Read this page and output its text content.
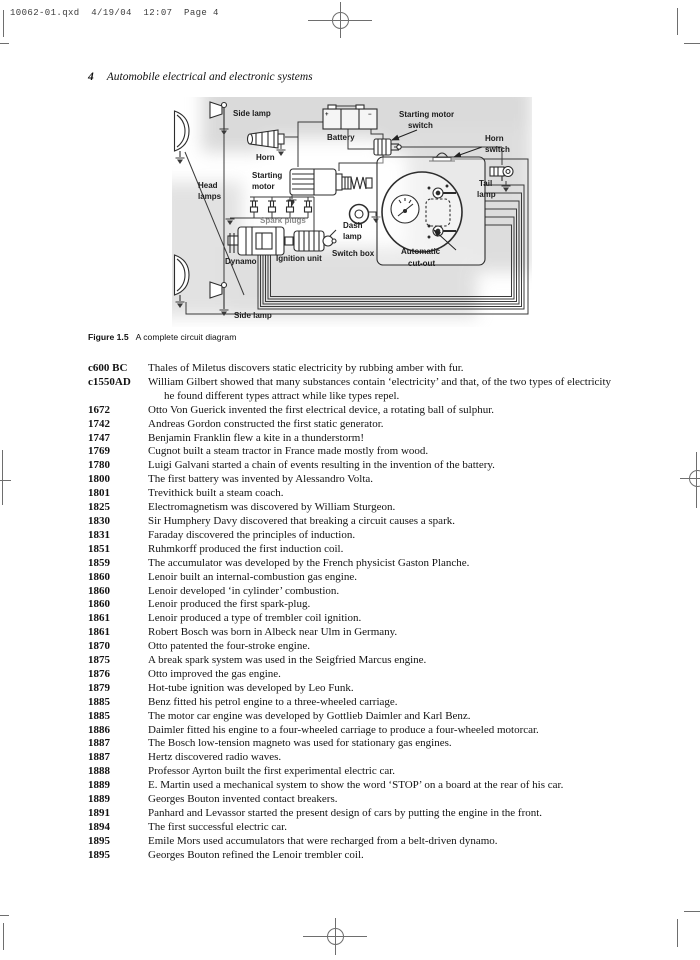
10062-01.qxd  4/19/04  12:07  Page 4
4 Automobile electrical and electronic systems
Side lamp
Battery
+	−	Starting motor
switch
Horn
switch
Horn
Starting
motor
Head
lamps
Spark plugs
Dynamo Ignition unit
Dash
lamp
Switch box	Automatic
cut-out
Tail
lamp
Side lamp
Figure 1.5 A complete circuit diagram
c600 BC	Thales of Miletus discovers static electricity by rubbing amber with fur.
c1550AD	William Gilbert showed that many substances contain ‘electricity’ and that, of the two types of electricity he found different types attract while like types repel.
1672	Otto Von Guerick invented the first electrical device, a rotating ball of sulphur.
1742	Andreas Gordon constructed the first static generator.
1747	Benjamin Franklin flew a kite in a thunderstorm!
1769	Cugnot built a steam tractor in France made mostly from wood.
1780	Luigi Galvani started a chain of events resulting in the invention of the battery.
1800	The first battery was invented by Alessandro Volta.
1801	Trevithick built a steam coach.
1825	Electromagnetism was discovered by William Sturgeon.
1830	Sir Humphery Davy discovered that breaking a circuit causes a spark.
1831	Faraday discovered the principles of induction.
1851	Ruhmkorff produced the first induction coil.
1859	The accumulator was developed by the French physicist Gaston Planche.
1860	Lenoir built an internal-combustion gas engine.
1860	Lenoir developed ‘in cylinder’ combustion.
1860	Lenoir produced the first spark-plug.
1861	Lenoir produced a type of trembler coil ignition.
1861	Robert Bosch was born in Albeck near Ulm in Germany.
1870	Otto patented the four-stroke engine.
1875	A break spark system was used in the Seigfried Marcus engine.
1876	Otto improved the gas engine.
1879	Hot-tube ignition was developed by Leo Funk.
1885	Benz fitted his petrol engine to a three-wheeled carriage.
1885	The motor car engine was developed by Gottlieb Daimler and Karl Benz.
1886	Daimler fitted his engine to a four-wheeled carriage to produce a four-wheeled motorcar.
1887	The Bosch low-tension magneto was used for stationary gas engines.
1887	Hertz discovered radio waves.
1888	Professor Ayrton built the first experimental electric car.
1889	E. Martin used a mechanical system to show the word ‘STOP’ on a board at the rear of his car.
1889	Georges Bouton invented contact breakers.
1891	Panhard and Levassor started the present design of cars by putting the engine in the front.
1894	The first successful electric car.
1895	Emile Mors used accumulators that were recharged from a belt-driven dynamo.
1895	Georges Bouton refined the Lenoir trembler coil.
